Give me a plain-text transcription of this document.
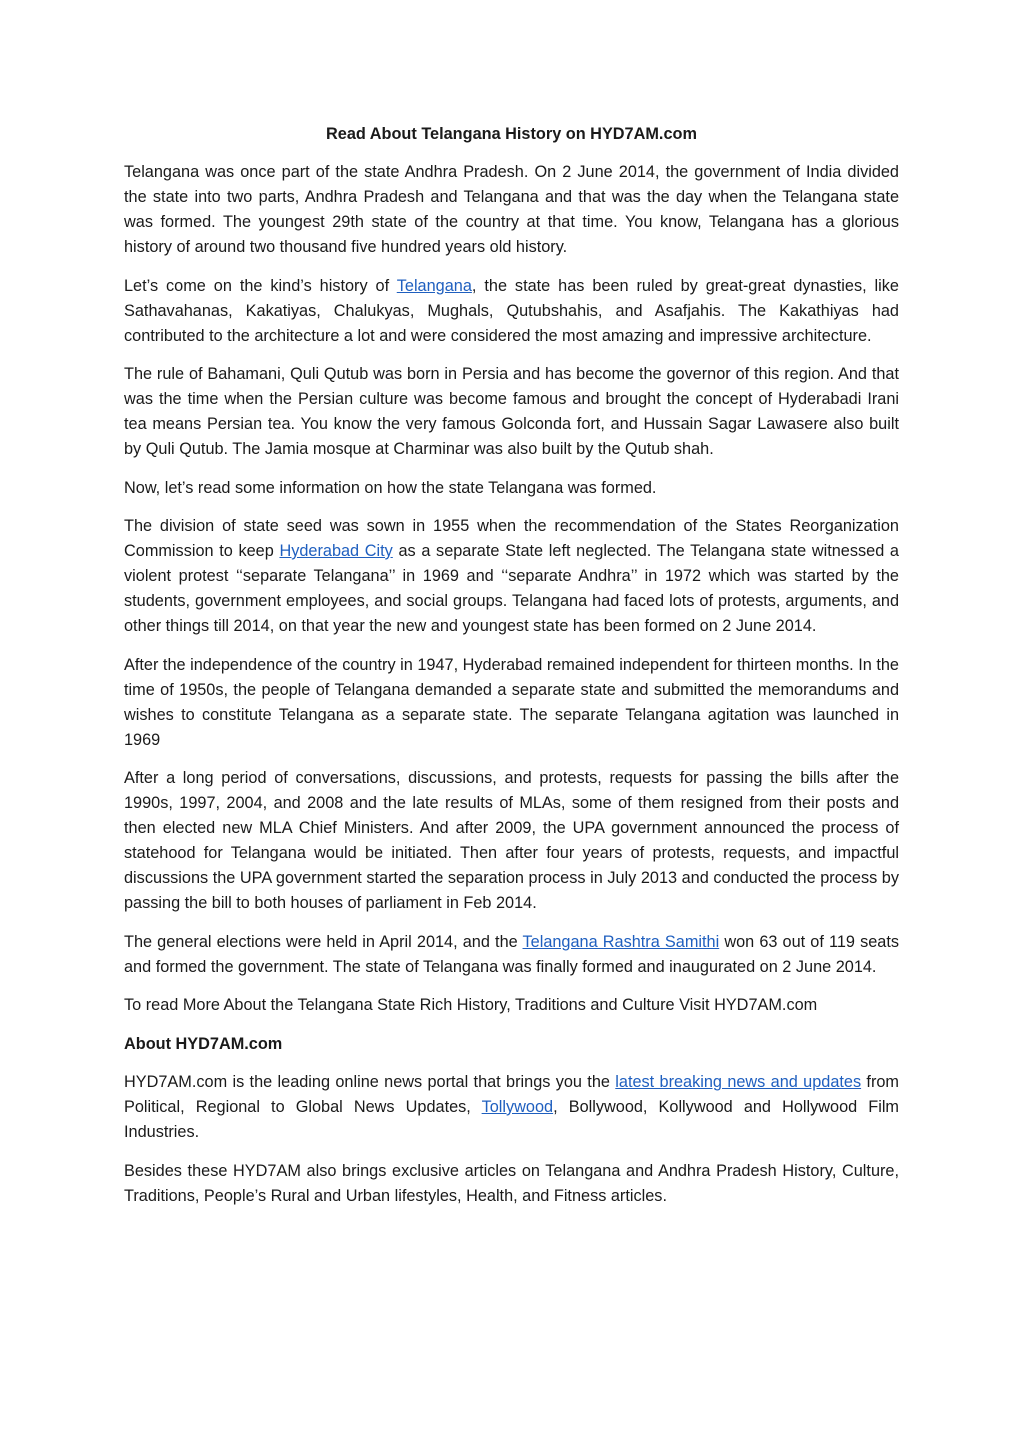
Read About Telangana History on HYD7AM.com

Telangana was once part of the state Andhra Pradesh. On 2 June 2014, the government of India divided the state into two parts, Andhra Pradesh and Telangana and that was the day when the Telangana state was formed. The youngest 29th state of the country at that time. You know, Telangana has a glorious history of around two thousand five hundred years old history.

Let’s come on the kind’s history of Telangana, the state has been ruled by great-great dynasties, like Sathavahanas, Kakatiyas, Chalukyas, Mughals, Qutubshahis, and Asafjahis. The Kakathiyas had contributed to the architecture a lot and were considered the most amazing and impressive architecture.

The rule of Bahamani, Quli Qutub was born in Persia and has become the governor of this region. And that was the time when the Persian culture was become famous and brought the concept of Hyderabadi Irani tea means Persian tea. You know the very famous Golconda fort, and Hussain Sagar Lawasere also built by Quli Qutub. The Jamia mosque at Charminar was also built by the Qutub shah.

Now, let’s read some information on how the state Telangana was formed.

The division of state seed was sown in 1955 when the recommendation of the States Reorganization Commission to keep Hyderabad City as a separate State left neglected. The Telangana state witnessed a violent protest ‘‘separate Telangana’’ in 1969 and ‘‘separate Andhra’’ in 1972 which was started by the students, government employees, and social groups. Telangana had faced lots of protests, arguments, and other things till 2014, on that year the new and youngest state has been formed on 2 June 2014.

After the independence of the country in 1947, Hyderabad remained independent for thirteen months. In the time of 1950s, the people of Telangana demanded a separate state and submitted the memorandums and wishes to constitute Telangana as a separate state. The separate Telangana agitation was launched in 1969

After a long period of conversations, discussions, and protests, requests for passing the bills after the 1990s, 1997, 2004, and 2008 and the late results of MLAs, some of them resigned from their posts and then elected new MLA Chief Ministers. And after 2009, the UPA government announced the process of statehood for Telangana would be initiated. Then after four years of protests, requests, and impactful discussions the UPA government started the separation process in July 2013 and conducted the process by passing the bill to both houses of parliament in Feb 2014.

The general elections were held in April 2014, and the Telangana Rashtra Samithi won 63 out of 119 seats and formed the government. The state of Telangana was finally formed and inaugurated on 2 June 2014.

To read More About the Telangana State Rich History, Traditions and Culture Visit HYD7AM.com

About HYD7AM.com

HYD7AM.com is the leading online news portal that brings you the latest breaking news and updates from Political, Regional to Global News Updates, Tollywood, Bollywood, Kollywood and Hollywood Film Industries.

Besides these HYD7AM also brings exclusive articles on Telangana and Andhra Pradesh History, Culture, Traditions, People’s Rural and Urban lifestyles, Health, and Fitness articles.
